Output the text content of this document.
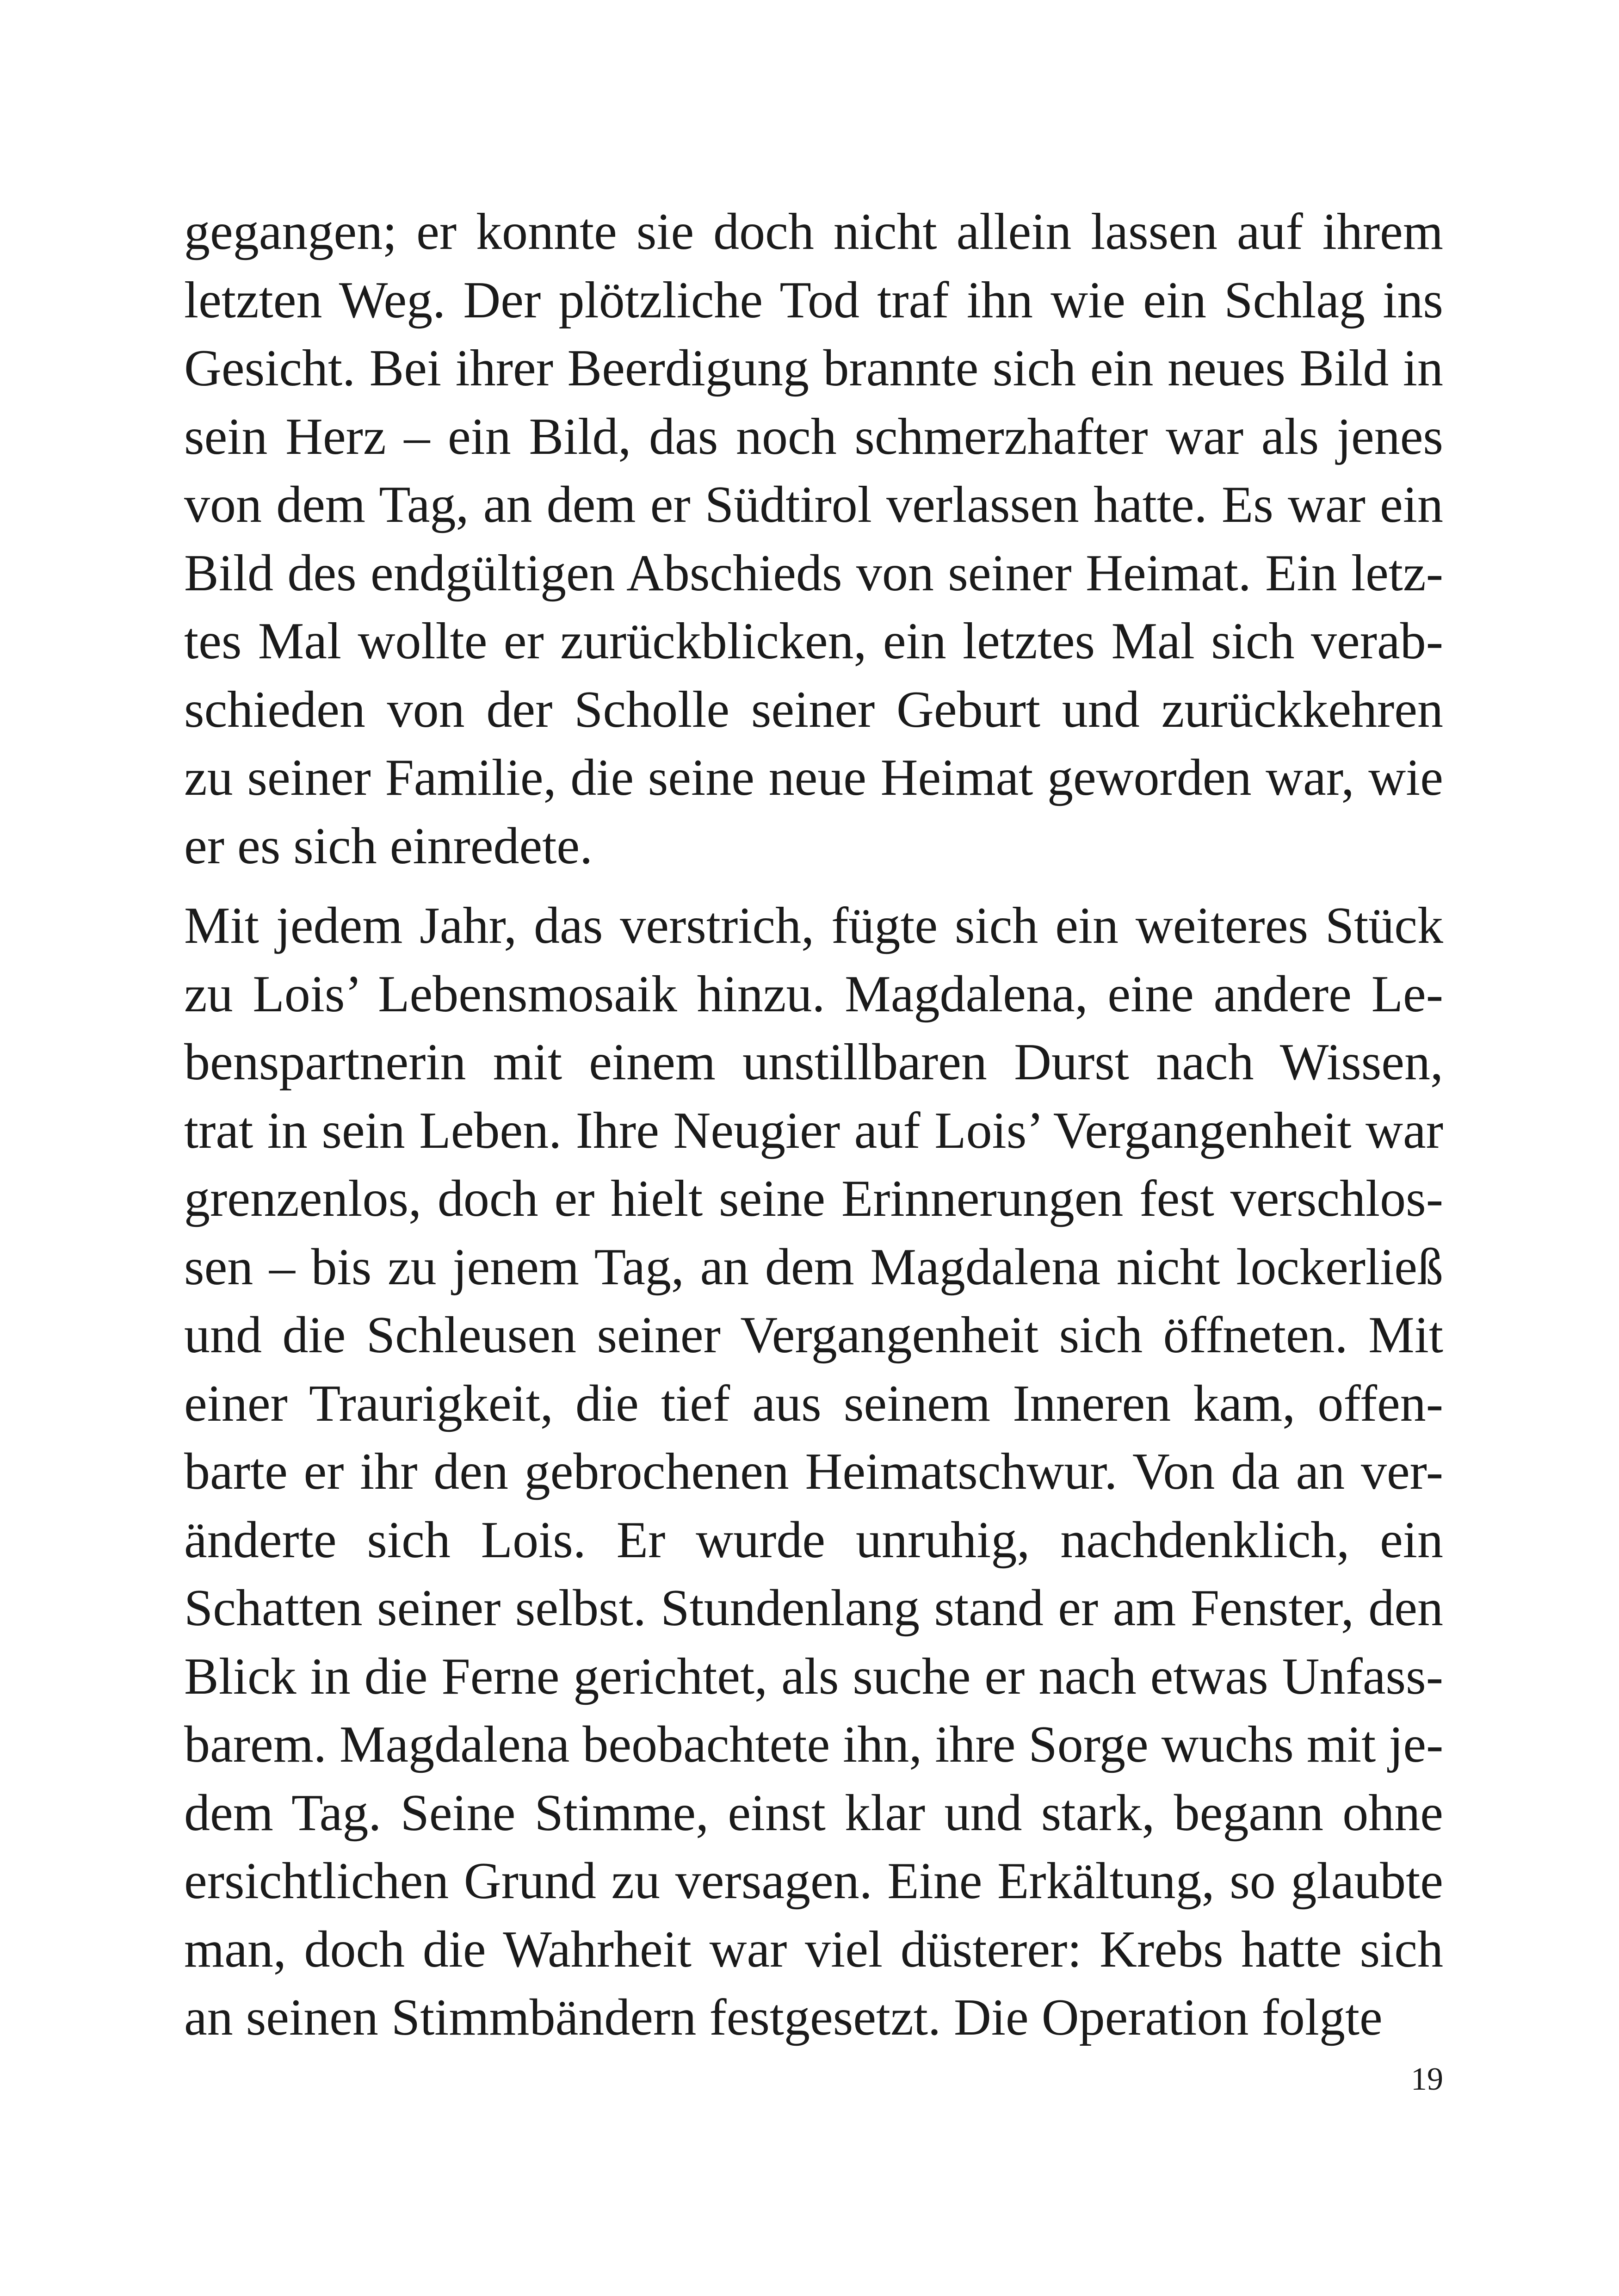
gegangen; er konnte sie doch nicht allein lassen auf ihrem
letzten Weg. Der plötzliche Tod traf ihn wie ein Schlag ins
Gesicht. Bei ihrer Beerdigung brannte sich ein neues Bild in
sein Herz – ein Bild, das noch schmerzhafter war als jenes
von dem Tag, an dem er Südtirol verlassen hatte. Es war ein
Bild des endgültigen Abschieds von seiner Heimat. Ein letz-
tes Mal wollte er zurückblicken, ein letztes Mal sich verab-
schieden von der Scholle seiner Geburt und zurückkehren
zu seiner Familie, die seine neue Heimat geworden war, wie
er es sich einredete.
Mit jedem Jahr, das verstrich, fügte sich ein weiteres Stück
zu Lois’ Lebensmosaik hinzu. Magdalena, eine andere Le-
benspartnerin mit einem unstillbaren Durst nach Wissen,
trat in sein Leben. Ihre Neugier auf Lois’ Vergangenheit war
grenzenlos, doch er hielt seine Erinnerungen fest verschlos-
sen – bis zu jenem Tag, an dem Magdalena nicht lockerließ
und die Schleusen seiner Vergangenheit sich öffneten. Mit
einer Traurigkeit, die tief aus seinem Inneren kam, offen-
barte er ihr den gebrochenen Heimatschwur. Von da an ver-
änderte sich Lois. Er wurde unruhig, nachdenklich, ein
Schatten seiner selbst. Stundenlang stand er am Fenster, den
Blick in die Ferne gerichtet, als suche er nach etwas Unfass-
barem. Magdalena beobachtete ihn, ihre Sorge wuchs mit je-
dem Tag. Seine Stimme, einst klar und stark, begann ohne
ersichtlichen Grund zu versagen. Eine Erkältung, so glaubte
man, doch die Wahrheit war viel düsterer: Krebs hatte sich
an seinen Stimmbändern festgesetzt. Die Operation folgte
19
